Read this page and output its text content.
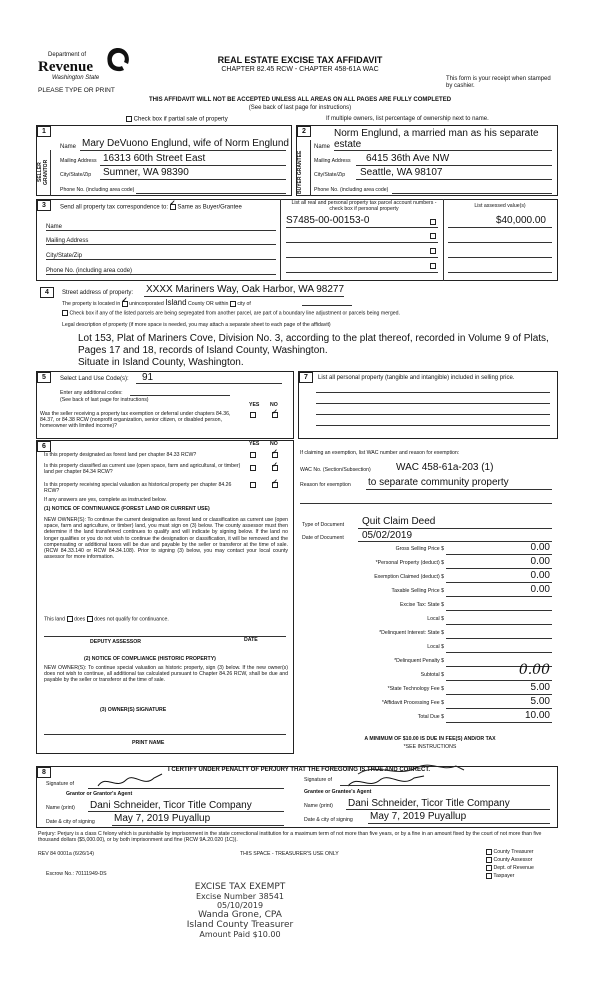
Department of
Revenue
Washington State
PLEASE TYPE OR PRINT
REAL ESTATE EXCISE TAX AFFIDAVIT
CHAPTER 82.45 RCW - CHAPTER 458-61A WAC
This form is your receipt when stamped by cashier.
THIS AFFIDAVIT WILL NOT BE ACCEPTED UNLESS ALL AREAS ON ALL PAGES ARE FULLY COMPLETED
(See back of last page for instructions)
Check box if partial sale of property	If multiple owners, list percentage of ownership next to name.
1
SELLER GRANTOR
Name Mary DeVuono Englund, wife of Norm Englund
Mailing Address 16313 60th Street East
City/State/Zip Sumner, WA 98390
Phone No. (including area code)
2
BUYER GRANTEE
Norm Englund, a married man as his separate
Name estate
Mailing Address 6415 36th Ave NW
City/State/Zip Seattle, WA 98107
Phone No. (including area code)
3	Send all property tax correspondence to: ✓ Same as Buyer/Grantee
List all real and personal property tax parcel account numbers - check box if personal property
List assessed value(s)
Name
Mailing Address
City/State/Zip
Phone No. (including area code)
S7485-00-00153-0	$40,000.00
4	Street address of property: XXXX Mariners Way, Oak Harbor, WA 98277
The property is located in ✓ unincorporated Island County OR within city of
Check box if any of the listed parcels are being segregated from another parcel, are part of a boundary line adjustment or parcels being merged.
Legal description of property (if more space is needed, you may attach a separate sheet to each page of the affidavit)
Lot 153, Plat of Mariners Cove, Division No. 3, according to the plat thereof, recorded in Volume 9 of Plats,
Pages 17 and 18, records of Island County, Washington.
Situate in Island County, Washington.
5	Select Land Use Code(s): 91
Enter any additional codes:
(See back of last page for instructions)
YES NO
Was the seller receiving a property tax exemption or deferral under chapters 84.36, 84.37, or 84.38 RCW (nonprofit organization, senior citizen, or disabled person, homeowner with limited income)?
✓
7	List all personal property (tangible and intangible) included in selling price.
6	YES NO
Is this property designated as forest land per chapter 84.33 RCW?
✓
Is this property classified as current use (open space, farm and agricultural, or timber) land per chapter 84.34 RCW?
✓
Is this property receiving special valuation as historical property per chapter 84.26 RCW?
✓
If any answers are yes, complete as instructed below.
(1) NOTICE OF CONTINUANCE (FOREST LAND OR CURRENT USE)
NEW OWNER(S): To continue the current designation as forest land or classification as current use (open space, farm and agriculture, or timber) land, you must sign on (3) below. The county assessor must then determine if the land transferred continues to qualify and will indicate by signing below. If the land no longer qualifies or you do not wish to continue the designation or classification, it will be removed and the compensating or additional taxes will be due and payable by the seller or transferor at the time of sale. (RCW 84.33.140 or RCW 84.34.108). Prior to signing (3) below, you may contact your local county assessor for more information.
This land does does not qualify for continuance.
DEPUTY ASSESSOR	DATE
(2) NOTICE OF COMPLIANCE (HISTORIC PROPERTY)
NEW OWNER(S): To continue special valuation as historic property, sign (3) below. If the new owner(s) does not wish to continue, all additional tax calculated pursuant to Chapter 84.26 RCW, shall be due and payable by the seller or transferor at the time of sale.
(3) OWNER(S) SIGNATURE
PRINT NAME
If claiming an exemption, list WAC number and reason for exemption:
WAC No. (Section/Subsection)	WAC 458-61a-203 (1)
Reason for exemption to separate community property
Type of Document Quit Claim Deed
Date of Document 05/02/2019
Gross Selling Price $	0.00
*Personal Property (deduct) $	0.00
Exemption Claimed (deduct) $	0.00
Taxable Selling Price $	0.00
Excise Tax: State $
Local $
*Delinquent Interest: State $
Local $
*Delinquent Penalty $
Subtotal $	0.00
*State Technology Fee $	5.00
*Affidavit Processing Fee $	5.00
Total Due $	10.00
A MINIMUM OF $10.00 IS DUE IN FEE(S) AND/OR TAX
*SEE INSTRUCTIONS
8	I CERTIFY UNDER PENALTY OF PERJURY THAT THE FOREGOING IS TRUE AND CORRECT.
Signature of
Grantor or Grantor's Agent
Name (print) Dani Schneider, Ticor Title Company
Date & city of signing May 7, 2019 Puyallup
Signature of
Grantee or Grantee's Agent
Name (print) Dani Schneider, Ticor Title Company
Date & city of signing May 7, 2019 Puyallup
Perjury: Perjury is a class C felony which is punishable by imprisonment in the state correctional institution for a maximum term of not more than five years, or by a fine in an amount fixed by the court of not more than five thousand dollars ($5,000.00), or by both imprisonment and fine (RCW 9A.20.020 (1C)).
REV 84 0001a (6/26/14)	THIS SPACE - TREASURER'S USE ONLY	County Treasurer
County Assessor
Dept. of Revenue
Taxpayer
Escrow No.: 70111949-DS
EXCISE TAX EXEMPT
Excise Number 38541
05/10/2019
Wanda Grone, CPA
Island County Treasurer
Amount Paid $10.00
